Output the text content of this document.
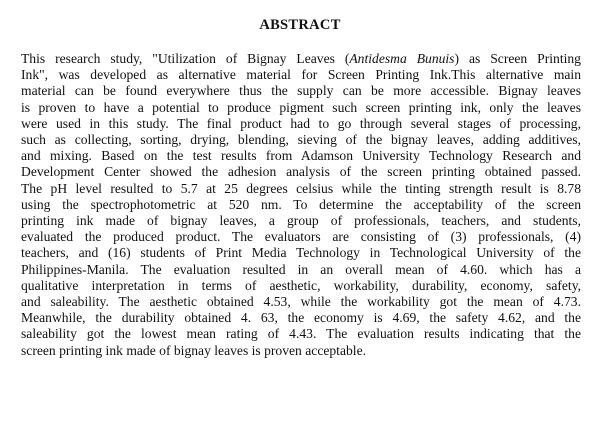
ABSTRACT
This research study, "Utilization of Bignay Leaves (Antidesma Bunuis) as Screen Printing
Ink", was developed as alternative material for Screen Printing Ink.This alternative main
material can be found everywhere thus the supply can be more accessible. Bignay leaves
is proven to have a potential to produce pigment such screen printing ink, only the leaves
were used in this study. The final product had to go through several stages of processing,
such as collecting, sorting, drying, blending, sieving of the bignay leaves, adding additives,
and mixing. Based on the test results from Adamson University Technology Research and
Development Center showed the adhesion analysis of the screen printing obtained passed.
The pH level resulted to 5.7 at 25 degrees celsius while the tinting strength result is 8.78
using the spectrophotometric at 520 nm. To determine the acceptability of the screen
printing ink made of bignay leaves, a group of professionals, teachers, and students,
evaluated the produced product. The evaluators are consisting of (3) professionals, (4)
teachers, and (16) students of Print Media Technology in Technological University of the
Philippines-Manila. The evaluation resulted in an overall mean of 4.60. which has a
qualitative interpretation in terms of aesthetic, workability, durability, economy, safety,
and saleability. The aesthetic obtained 4.53, while the workability got the mean of 4.73.
Meanwhile, the durability obtained 4. 63, the economy is 4.69, the safety 4.62, and the
saleability got the lowest mean rating of 4.43. The evaluation results indicating that the
screen printing ink made of bignay leaves is proven acceptable.
